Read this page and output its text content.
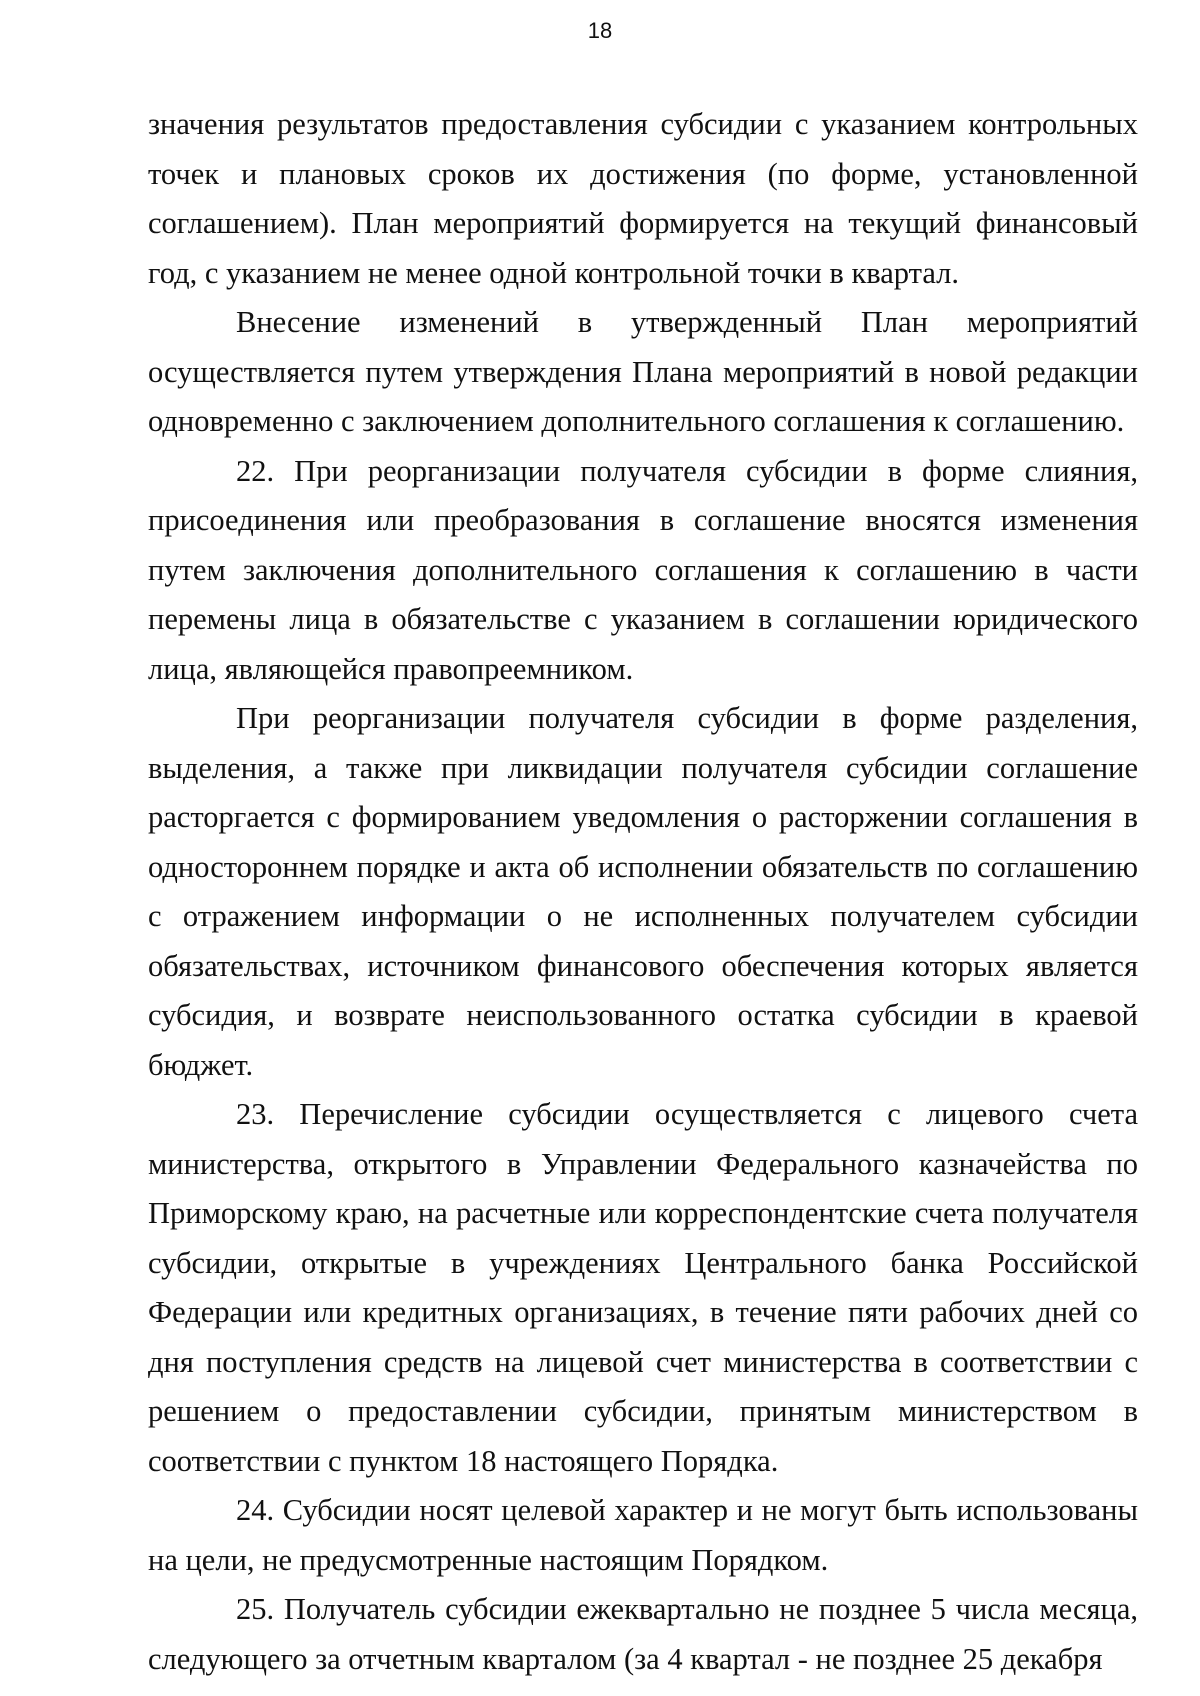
18

значения результатов предоставления субсидии с указанием контрольных точек и плановых сроков их достижения (по форме, установленной соглашением). План мероприятий формируется на текущий финансовый год, с указанием не менее одной контрольной точки в квартал.

Внесение изменений в утвержденный План мероприятий осуществляется путем утверждения Плана мероприятий в новой редакции одновременно с заключением дополнительного соглашения к соглашению.

22. При реорганизации получателя субсидии в форме слияния, присоединения или преобразования в соглашение вносятся изменения путем заключения дополнительного соглашения к соглашению в части перемены лица в обязательстве с указанием в соглашении юридического лица, являющейся правопреемником.

При реорганизации получателя субсидии в форме разделения, выделения, а также при ликвидации получателя субсидии соглашение расторгается с формированием уведомления о расторжении соглашения в одностороннем порядке и акта об исполнении обязательств по соглашению с отражением информации о не исполненных получателем субсидии обязательствах, источником финансового обеспечения которых является субсидия, и возврате неиспользованного остатка субсидии в краевой бюджет.

23. Перечисление субсидии осуществляется с лицевого счета министерства, открытого в Управлении Федерального казначейства по Приморскому краю, на расчетные или корреспондентские счета получателя субсидии, открытые в учреждениях Центрального банка Российской Федерации или кредитных организациях, в течение пяти рабочих дней со дня поступления средств на лицевой счет министерства в соответствии с решением о предоставлении субсидии, принятым министерством в соответствии с пунктом 18 настоящего Порядка.

24. Субсидии носят целевой характер и не могут быть использованы на цели, не предусмотренные настоящим Порядком.

25. Получатель субсидии ежеквартально не позднее 5 числа месяца, следующего за отчетным кварталом (за 4 квартал - не позднее 25 декабря
